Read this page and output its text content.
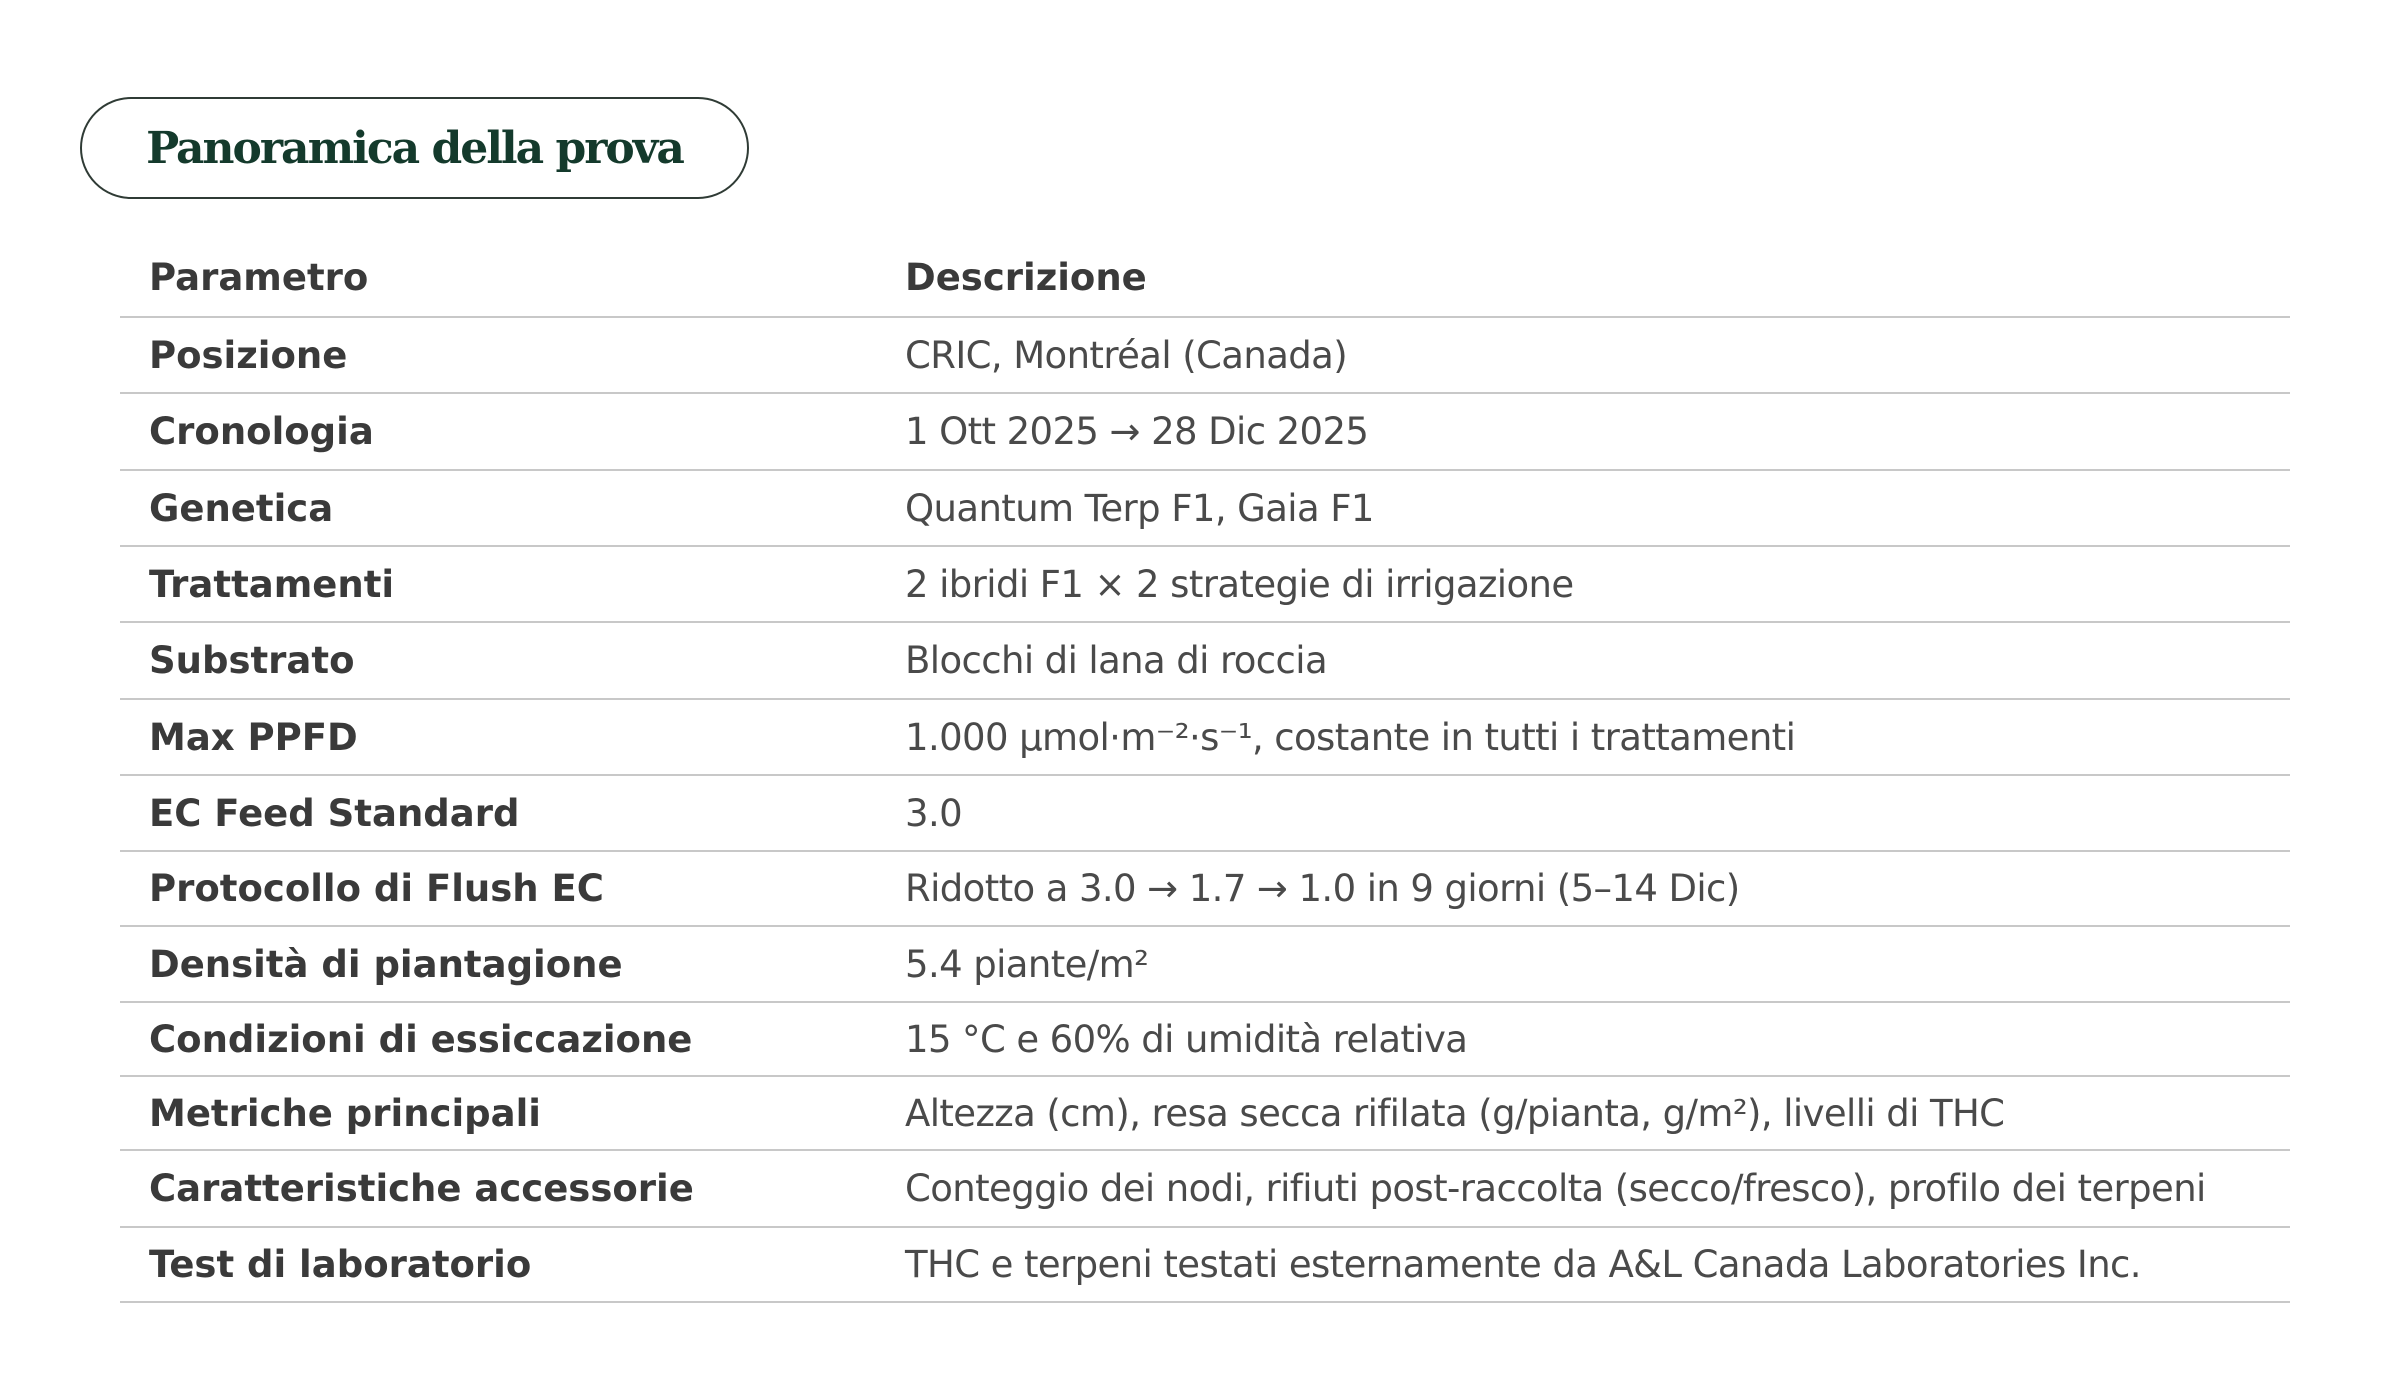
Panoramica della prova
Parametro	Descrizione
Posizione	CRIC, Montréal (Canada)
Cronologia	1 Ott 2025 → 28 Dic 2025
Genetica	Quantum Terp F1, Gaia F1
Trattamenti	2 ibridi F1 × 2 strategie di irrigazione
Substrato	Blocchi di lana di roccia
Max PPFD	1.000 µmol·m⁻²·s⁻¹, costante in tutti i trattamenti
EC Feed Standard	3.0
Protocollo di Flush EC	Ridotto a 3.0 → 1.7 → 1.0 in 9 giorni (5–14 Dic)
Densità di piantagione	5.4 piante/m²
Condizioni di essiccazione	15 °C e 60% di umidità relativa
Metriche principali	Altezza (cm), resa secca rifilata (g/pianta, g/m²), livelli di THC
Caratteristiche accessorie	Conteggio dei nodi, rifiuti post-raccolta (secco/fresco), profilo dei terpeni
Test di laboratorio	THC e terpeni testati esternamente da A&L Canada Laboratories Inc.
